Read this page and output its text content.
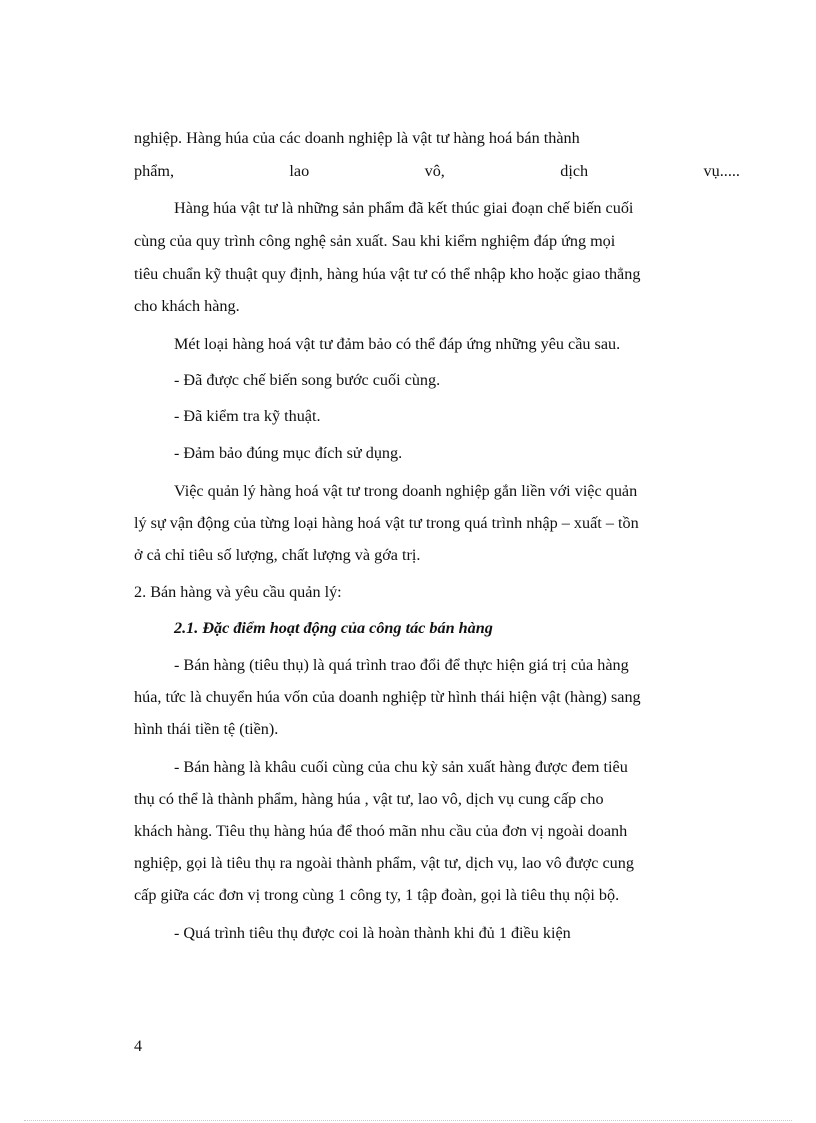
nghiệp. Hàng húa của các doanh nghiệp là vật tư hàng hoá bán thành
phẩm,	lao	vô,	dịch	vụ.....
Hàng húa vật tư là những sản phẩm đã kết thúc giai đoạn chế biến cuối
cùng của quy trình công nghệ sản xuất. Sau khi kiểm nghiệm đáp ứng mọi
tiêu chuẩn kỹ thuật quy định, hàng húa vật tư có thể nhập kho hoặc giao thẳng
cho khách hàng.
Mét loại hàng hoá vật tư đảm bảo có thể đáp ứng những yêu cầu sau.
- Đã được chế biến song bước cuối cùng.
- Đã kiểm tra kỹ thuật.
- Đảm bảo đúng mục đích sử dụng.
Việc quản lý hàng hoá vật tư trong doanh nghiệp gắn liền với việc quản
lý sự vận động của từng loại hàng hoá vật tư trong quá trình nhập – xuất – tồn
ở cả chỉ tiêu số lượng, chất lượng và gớa trị.
2. Bán hàng và yêu cầu quản lý:
2.1. Đặc điểm hoạt động của công tác bán hàng
- Bán hàng (tiêu thụ) là quá trình trao đổi để thực hiện giá trị của hàng
húa, tức là chuyển húa vốn của doanh nghiệp từ hình thái hiện vật (hàng) sang
hình thái tiền tệ (tiền).
- Bán hàng là khâu cuối cùng của chu kỳ sản xuất hàng được đem tiêu
thụ có thể là thành phẩm, hàng húa , vật tư, lao vô, dịch vụ cung cấp cho
khách hàng. Tiêu thụ hàng húa để thoó mãn nhu cầu của đơn vị ngoài doanh
nghiệp, gọi là tiêu thụ ra ngoài thành phẩm, vật tư, dịch vụ, lao vô được cung
cấp giữa các đơn vị trong cùng 1 công ty, 1 tập đoàn, gọi là tiêu thụ nội bộ.
- Quá trình tiêu thụ được coi là hoàn thành khi đủ 1 điều kiện
4
